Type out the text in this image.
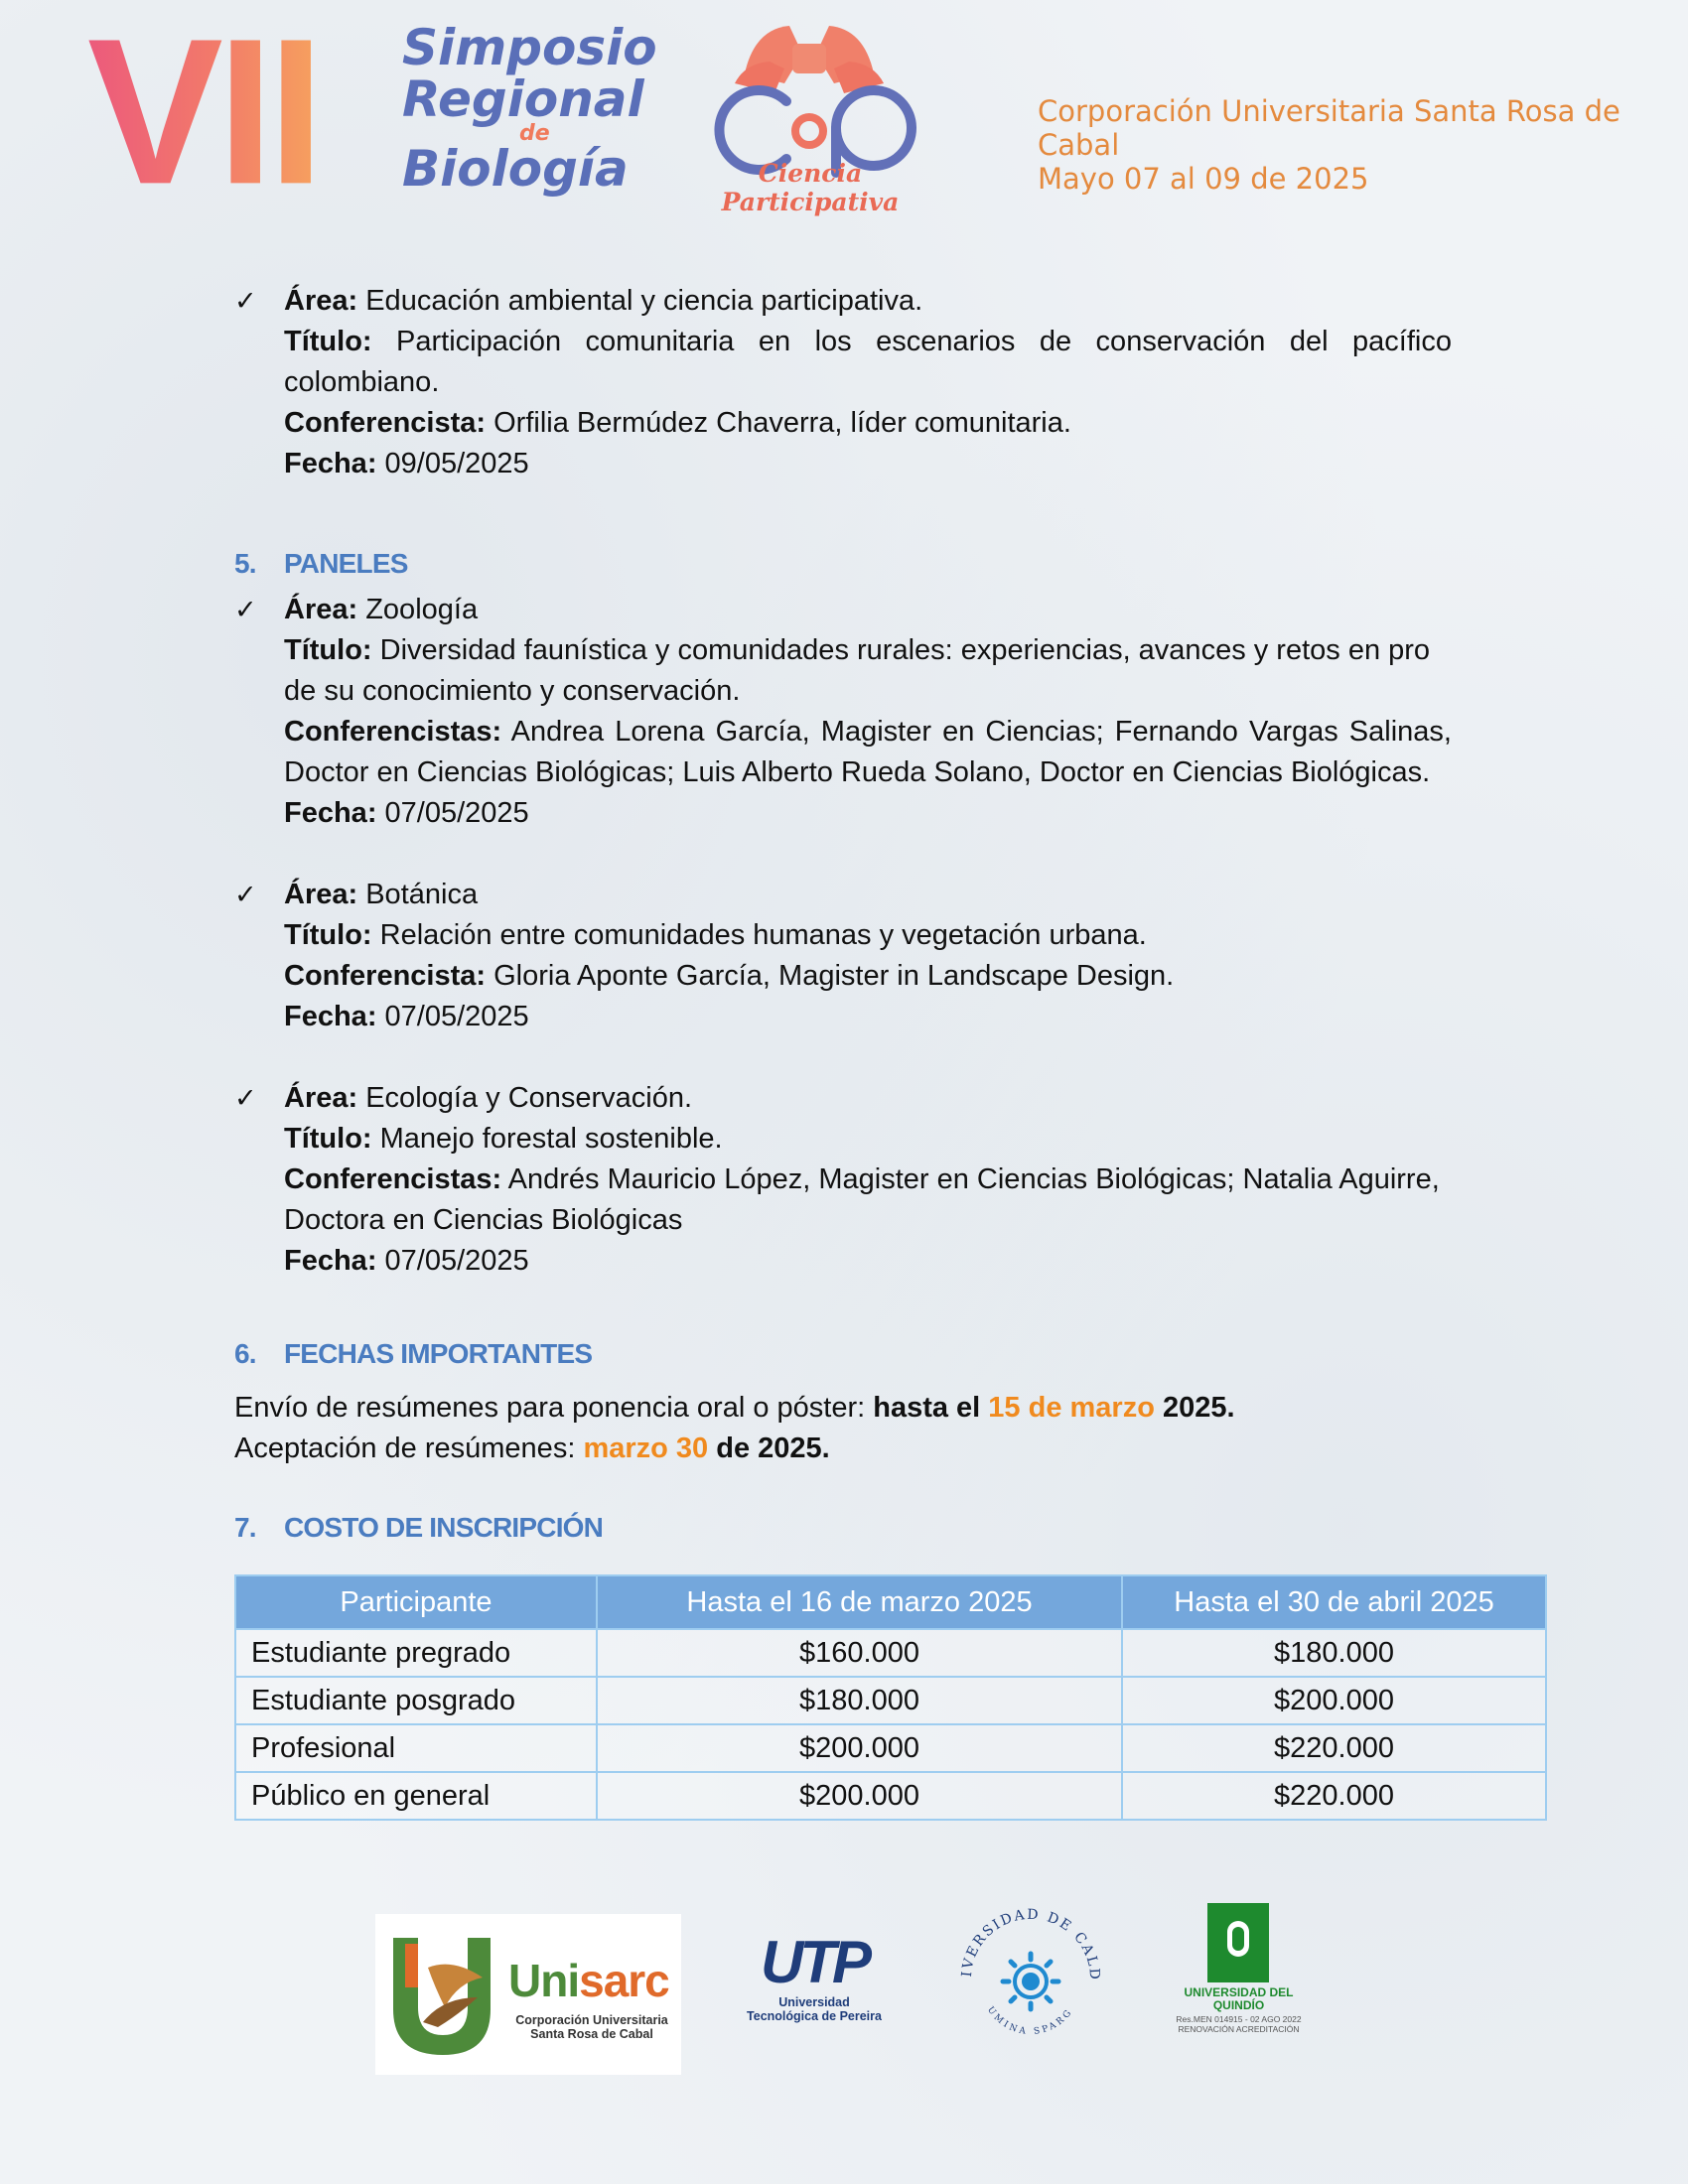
VII Simposio
Regional
de
Biología	Ciencia Participativa
Corporación Universitaria Santa Rosa de Cabal
Mayo 07 al 09 de 2025
✓ Área: Educación ambiental y ciencia participativa.
Título: Participación comunitaria en los escenarios de conservación del pacífico colombiano.
Conferencista: Orfilia Bermúdez Chaverra, líder comunitaria.
Fecha: 09/05/2025
5. PANELES
✓ Área: Zoología
Título: Diversidad faunística y comunidades rurales: experiencias, avances y retos en pro de su conocimiento y conservación.
Conferencistas: Andrea Lorena García, Magister en Ciencias; Fernando Vargas Salinas, Doctor en Ciencias Biológicas; Luis Alberto Rueda Solano, Doctor en Ciencias Biológicas.
Fecha: 07/05/2025
✓ Área: Botánica
Título: Relación entre comunidades humanas y vegetación urbana.
Conferencista: Gloria Aponte García, Magister in Landscape Design.
Fecha: 07/05/2025
✓ Área: Ecología y Conservación.
Título: Manejo forestal sostenible.
Conferencistas: Andrés Mauricio López, Magister en Ciencias Biológicas; Natalia Aguirre, Doctora en Ciencias Biológicas
Fecha: 07/05/2025
6. FECHAS IMPORTANTES
Envío de resúmenes para ponencia oral o póster: hasta el 15 de marzo 2025.
Aceptación de resúmenes: marzo 30 de 2025.
7. COSTO DE INSCRIPCIÓN
Participante	Hasta el 16 de marzo 2025	Hasta el 30 de abril 2025
Estudiante pregrado	$160.000	$180.000
Estudiante posgrado	$180.000	$200.000
Profesional	$200.000	$220.000
Público en general	$200.000	$220.000
Unisarc
Corporación Universitaria Santa Rosa de Cabal
UTP
Universidad Tecnológica de Pereira
IVERSIDAD DE CALD
UMINA SPARG
UNIVERSIDAD DEL QUINDÍO
Res.MEN 014915 - 02 AGO 2022
RENOVACIÓN ACREDITACIÓN
